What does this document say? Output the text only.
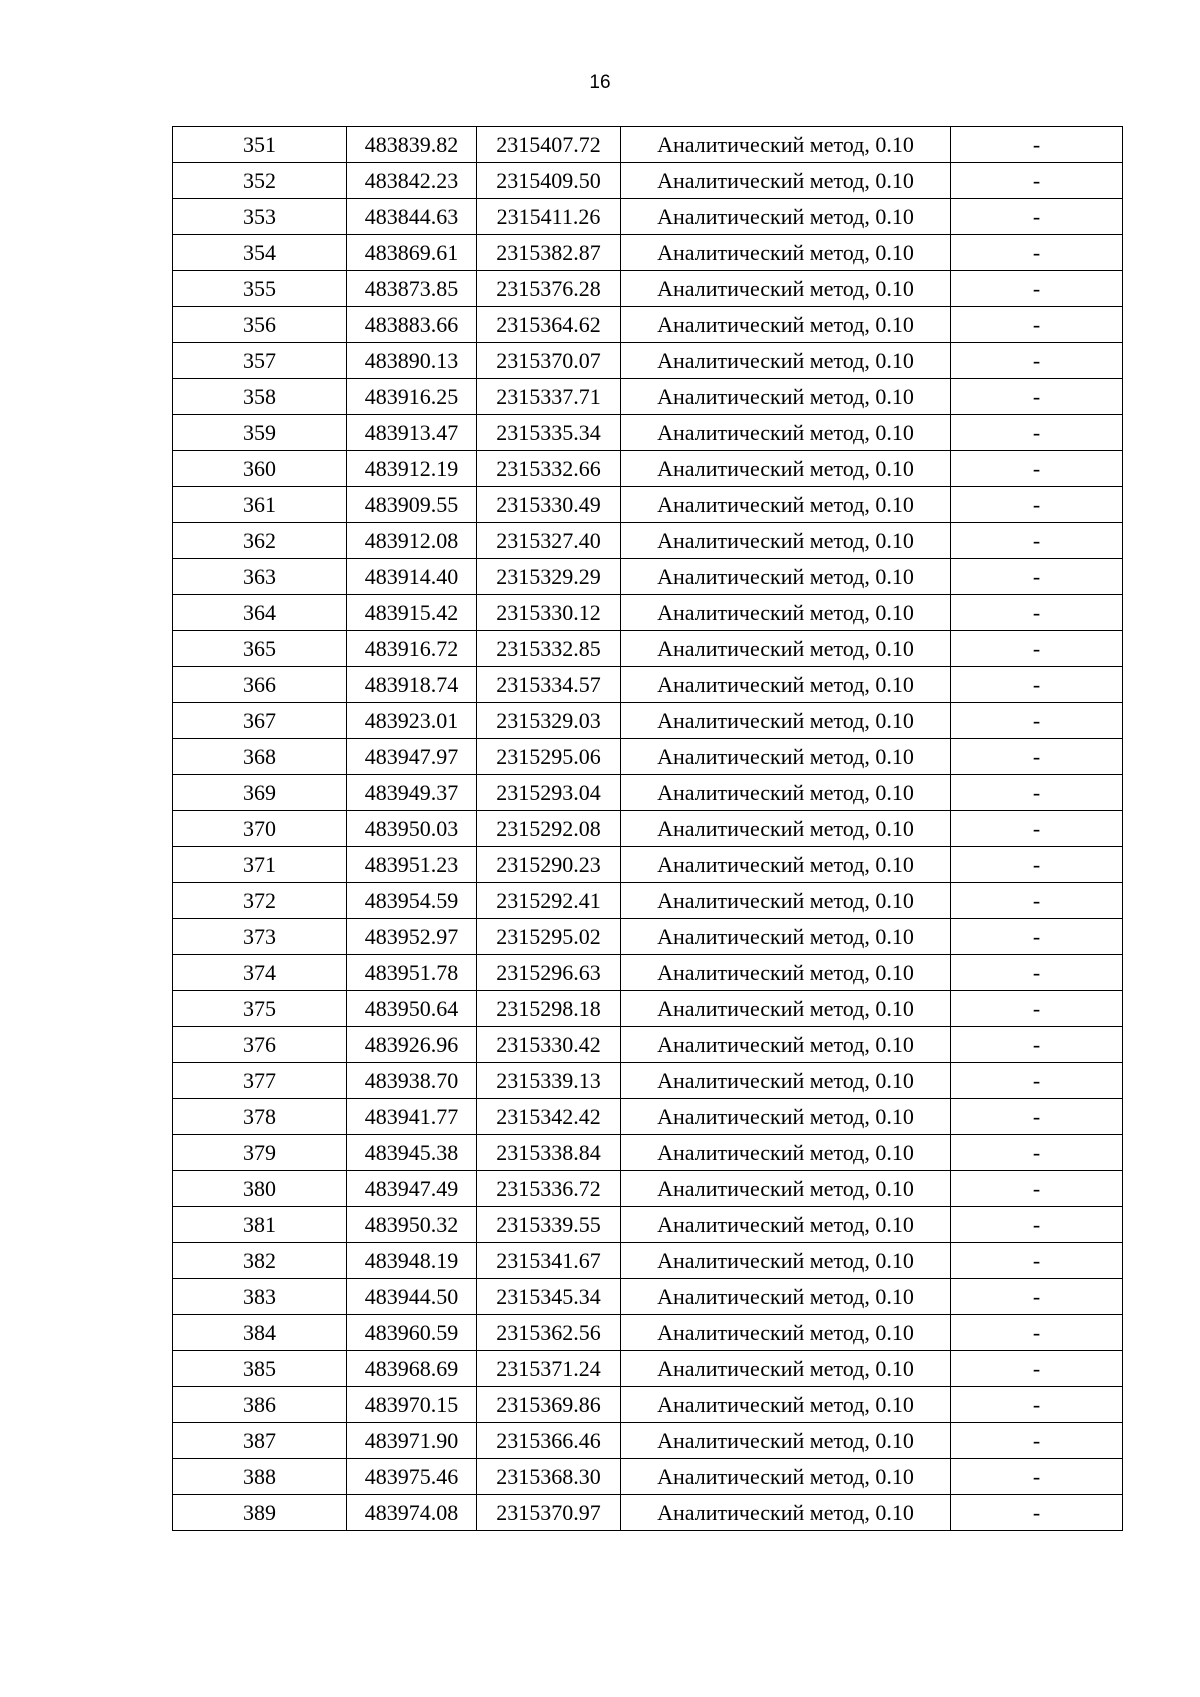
16
351	483839.82	2315407.72	Аналитический метод, 0.10	-
352	483842.23	2315409.50	Аналитический метод, 0.10	-
353	483844.63	2315411.26	Аналитический метод, 0.10	-
354	483869.61	2315382.87	Аналитический метод, 0.10	-
355	483873.85	2315376.28	Аналитический метод, 0.10	-
356	483883.66	2315364.62	Аналитический метод, 0.10	-
357	483890.13	2315370.07	Аналитический метод, 0.10	-
358	483916.25	2315337.71	Аналитический метод, 0.10	-
359	483913.47	2315335.34	Аналитический метод, 0.10	-
360	483912.19	2315332.66	Аналитический метод, 0.10	-
361	483909.55	2315330.49	Аналитический метод, 0.10	-
362	483912.08	2315327.40	Аналитический метод, 0.10	-
363	483914.40	2315329.29	Аналитический метод, 0.10	-
364	483915.42	2315330.12	Аналитический метод, 0.10	-
365	483916.72	2315332.85	Аналитический метод, 0.10	-
366	483918.74	2315334.57	Аналитический метод, 0.10	-
367	483923.01	2315329.03	Аналитический метод, 0.10	-
368	483947.97	2315295.06	Аналитический метод, 0.10	-
369	483949.37	2315293.04	Аналитический метод, 0.10	-
370	483950.03	2315292.08	Аналитический метод, 0.10	-
371	483951.23	2315290.23	Аналитический метод, 0.10	-
372	483954.59	2315292.41	Аналитический метод, 0.10	-
373	483952.97	2315295.02	Аналитический метод, 0.10	-
374	483951.78	2315296.63	Аналитический метод, 0.10	-
375	483950.64	2315298.18	Аналитический метод, 0.10	-
376	483926.96	2315330.42	Аналитический метод, 0.10	-
377	483938.70	2315339.13	Аналитический метод, 0.10	-
378	483941.77	2315342.42	Аналитический метод, 0.10	-
379	483945.38	2315338.84	Аналитический метод, 0.10	-
380	483947.49	2315336.72	Аналитический метод, 0.10	-
381	483950.32	2315339.55	Аналитический метод, 0.10	-
382	483948.19	2315341.67	Аналитический метод, 0.10	-
383	483944.50	2315345.34	Аналитический метод, 0.10	-
384	483960.59	2315362.56	Аналитический метод, 0.10	-
385	483968.69	2315371.24	Аналитический метод, 0.10	-
386	483970.15	2315369.86	Аналитический метод, 0.10	-
387	483971.90	2315366.46	Аналитический метод, 0.10	-
388	483975.46	2315368.30	Аналитический метод, 0.10	-
389	483974.08	2315370.97	Аналитический метод, 0.10	-
